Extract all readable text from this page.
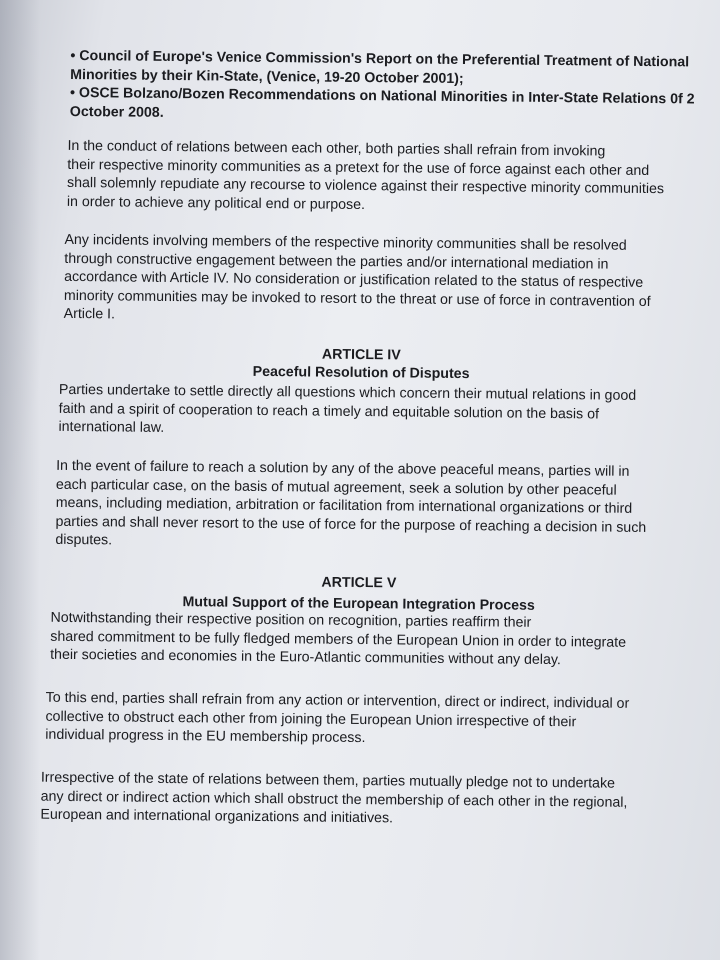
• Council of Europe's Venice Commission's Report on the Preferential Treatment of National
Minorities by their Kin-State, (Venice, 19-20 October 2001);
• OSCE Bolzano/Bozen Recommendations on National Minorities in Inter-State Relations 0f 2
October 2008.
In the conduct of relations between each other, both parties shall refrain from invoking
their respective minority communities as a pretext for the use of force against each other and
shall solemnly repudiate any recourse to violence against their respective minority communities
in order to achieve any political end or purpose.
Any incidents involving members of the respective minority communities shall be resolved
through constructive engagement between the parties and/or international mediation in
accordance with Article IV. No consideration or justification related to the status of respective
minority communities may be invoked to resort to the threat or use of force in contravention of
Article I.
ARTICLE IV
Peaceful Resolution of Disputes
Parties undertake to settle directly all questions which concern their mutual relations in good
faith and a spirit of cooperation to reach a timely and equitable solution on the basis of
international law.
In the event of failure to reach a solution by any of the above peaceful means, parties will in
each particular case, on the basis of mutual agreement, seek a solution by other peaceful
means, including mediation, arbitration or facilitation from international organizations or third
parties and shall never resort to the use of force for the purpose of reaching a decision in such
disputes.
ARTICLE V
Mutual Support of the European Integration Process
Notwithstanding their respective position on recognition, parties reaffirm their
shared commitment to be fully fledged members of the European Union in order to integrate
their societies and economies in the Euro-Atlantic communities without any delay.
To this end, parties shall refrain from any action or intervention, direct or indirect, individual or
collective to obstruct each other from joining the European Union irrespective of their
individual progress in the EU membership process.
Irrespective of the state of relations between them, parties mutually pledge not to undertake
any direct or indirect action which shall obstruct the membership of each other in the regional,
European and international organizations and initiatives.
